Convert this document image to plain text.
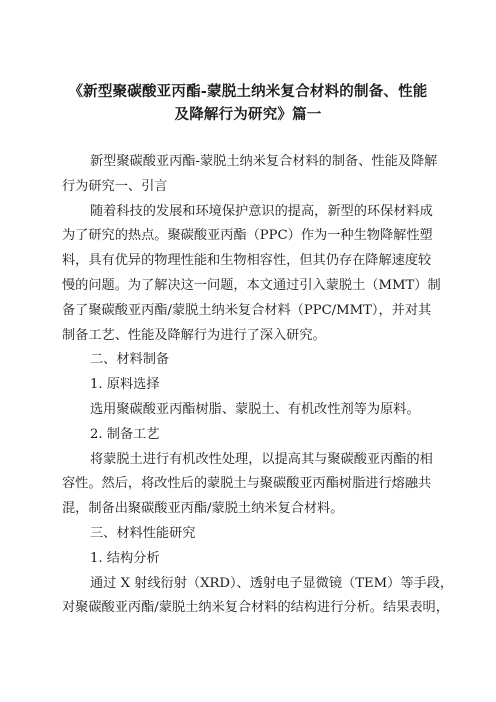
《新型聚碳酸亚丙酯-蒙脱土纳米复合材料的制备、性能
及降解行为研究》篇一
新型聚碳酸亚丙酯-蒙脱土纳米复合材料的制备、性能及降解
行为研究一、引言
随着科技的发展和环境保护意识的提高，新型的环保材料成
为了研究的热点。聚碳酸亚丙酯（PPC）作为一种生物降解性塑
料，具有优异的物理性能和生物相容性，但其仍存在降解速度较
慢的问题。为了解决这一问题，本文通过引入蒙脱土（MMT）制
备了聚碳酸亚丙酯/蒙脱土纳米复合材料（PPC/MMT），并对其
制备工艺、性能及降解行为进行了深入研究。
二、材料制备
1. 原料选择
选用聚碳酸亚丙酯树脂、蒙脱土、有机改性剂等为原料。
2. 制备工艺
将蒙脱土进行有机改性处理，以提高其与聚碳酸亚丙酯的相
容性。然后，将改性后的蒙脱土与聚碳酸亚丙酯树脂进行熔融共
混，制备出聚碳酸亚丙酯/蒙脱土纳米复合材料。
三、材料性能研究
1. 结构分析
通过 X 射线衍射（XRD）、透射电子显微镜（TEM）等手段，
对聚碳酸亚丙酯/蒙脱土纳米复合材料的结构进行分析。结果表明，
